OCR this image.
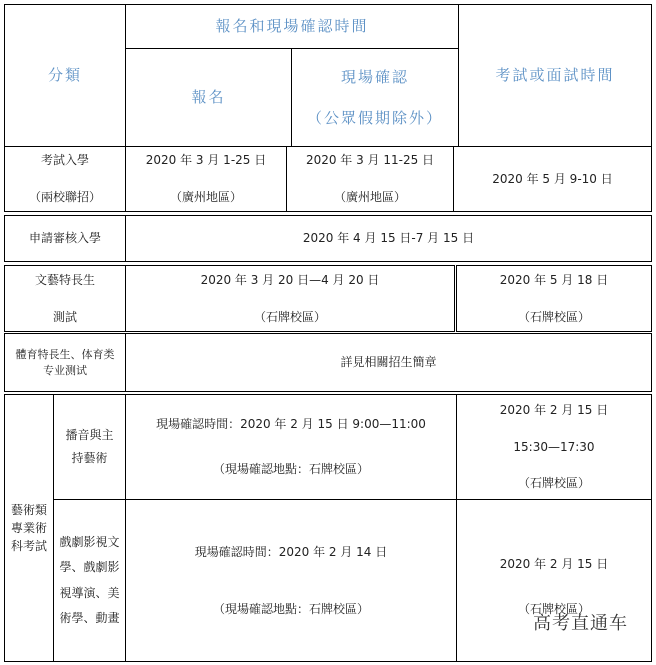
分類
報名和現場確認時間
考試或面試時間
報名
現場確認
（公眾假期除外）
考試入學
（兩校聯招）
2020 年 3 月 1-25 日
（廣州地區）
2020 年 3 月 11-25 日
（廣州地區）
2020 年 5 月 9-10 日
申請審核入學	2020 年 4 月 15 日-7 月 15 日
文藝特長生
測試
2020 年 3 月 20 日—4 月 20 日
（石牌校區）
2020 年 5 月 18 日
（石牌校區）
體育特長生、体育类
专业测试
詳見相關招生簡章
藝術類專業術科考試
播音與主持藝術
現場確認時間：2020 年 2 月 15 日 9:00—11:00
（現場確認地點：石牌校區）
2020 年 2 月 15 日
15:30—17:30
（石牌校區）
戲劇影視文學、戲劇影視導演、美術學、動畫
現場確認時間：2020 年 2 月 14 日
（現場確認地點：石牌校區）
2020 年 2 月 15 日
（石牌校區）
高考直通车
